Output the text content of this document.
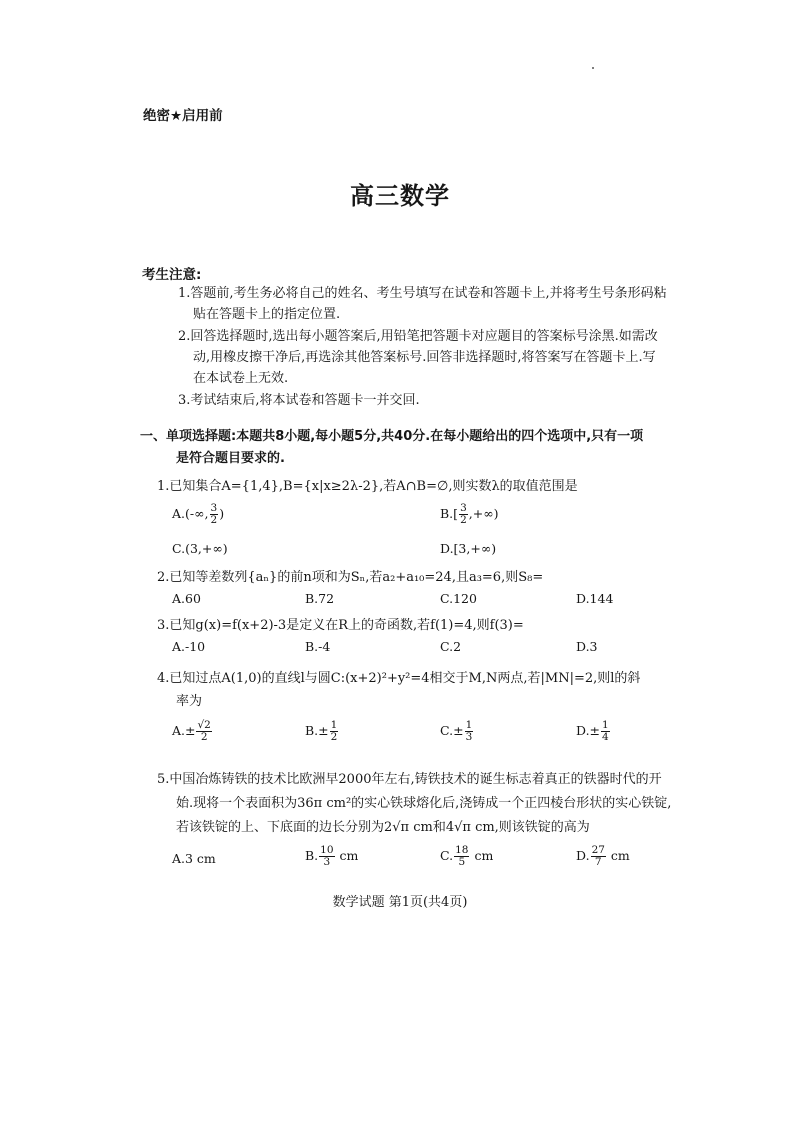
绝密★启用前
高三数学
考生注意:
1.答题前,考生务必将自己的姓名、考生号填写在试卷和答题卡上,并将考生号条形码粘
贴在答题卡上的指定位置.
2.回答选择题时,选出每小题答案后,用铅笔把答题卡对应题目的答案标号涂黑.如需改
动,用橡皮擦干净后,再选涂其他答案标号.回答非选择题时,将答案写在答题卡上.写
在本试卷上无效.
3.考试结束后,将本试卷和答题卡一并交回.
一、单项选择题:本题共8小题,每小题5分,共40分.在每小题给出的四个选项中,只有一项
是符合题目要求的.
1.已知集合A={1,4},B={x|x≥2λ-2},若A∩B=∅,则实数λ的取值范围是
A.(-∞, $\frac{3}{2}$ )	$B.[ \frac{3}{2}$ ,+∞)
C.(3,+∞)	D.[3,+∞)
2.已知等差数列{aₙ}的前n项和为Sₙ,若a₂+a₁₀=24,且a₃=6,则S₈=
A.60	B.72	C.120	D.144
3.已知g(x)=f(x+2)-3是定义在R上的奇函数,若f(1)=4,则f(3)=
A.-10	B.-4	C.2	D.3
4.已知过点A(1,0)的直线l与圆C:(x+2)²+y²=4相交于M,N两点,若|MN|=2,则l的斜
率为
$A.\pm \frac{√2}{2}$	$B.\pm \frac{1}{2}$	$C.\pm \frac{1}{3}$	$D.\pm \frac{1}{4}$
5.中国冶炼铸铁的技术比欧洲早2000年左右,铸铁技术的诞生标志着真正的铁器时代的开
始.现将一个表面积为36π cm²的实心铁球熔化后,浇铸成一个正四棱台形状的实心铁锭,
若该铁锭的上、下底面的边长分别为2√π cm和4√π cm,则该铁锭的高为
A.3 cm	B. $\frac{10}{3}$ cm	C. $\frac{18}{5}$ cm	D. $\frac{27}{7}$ cm
数学试题 第1页(共4页)
